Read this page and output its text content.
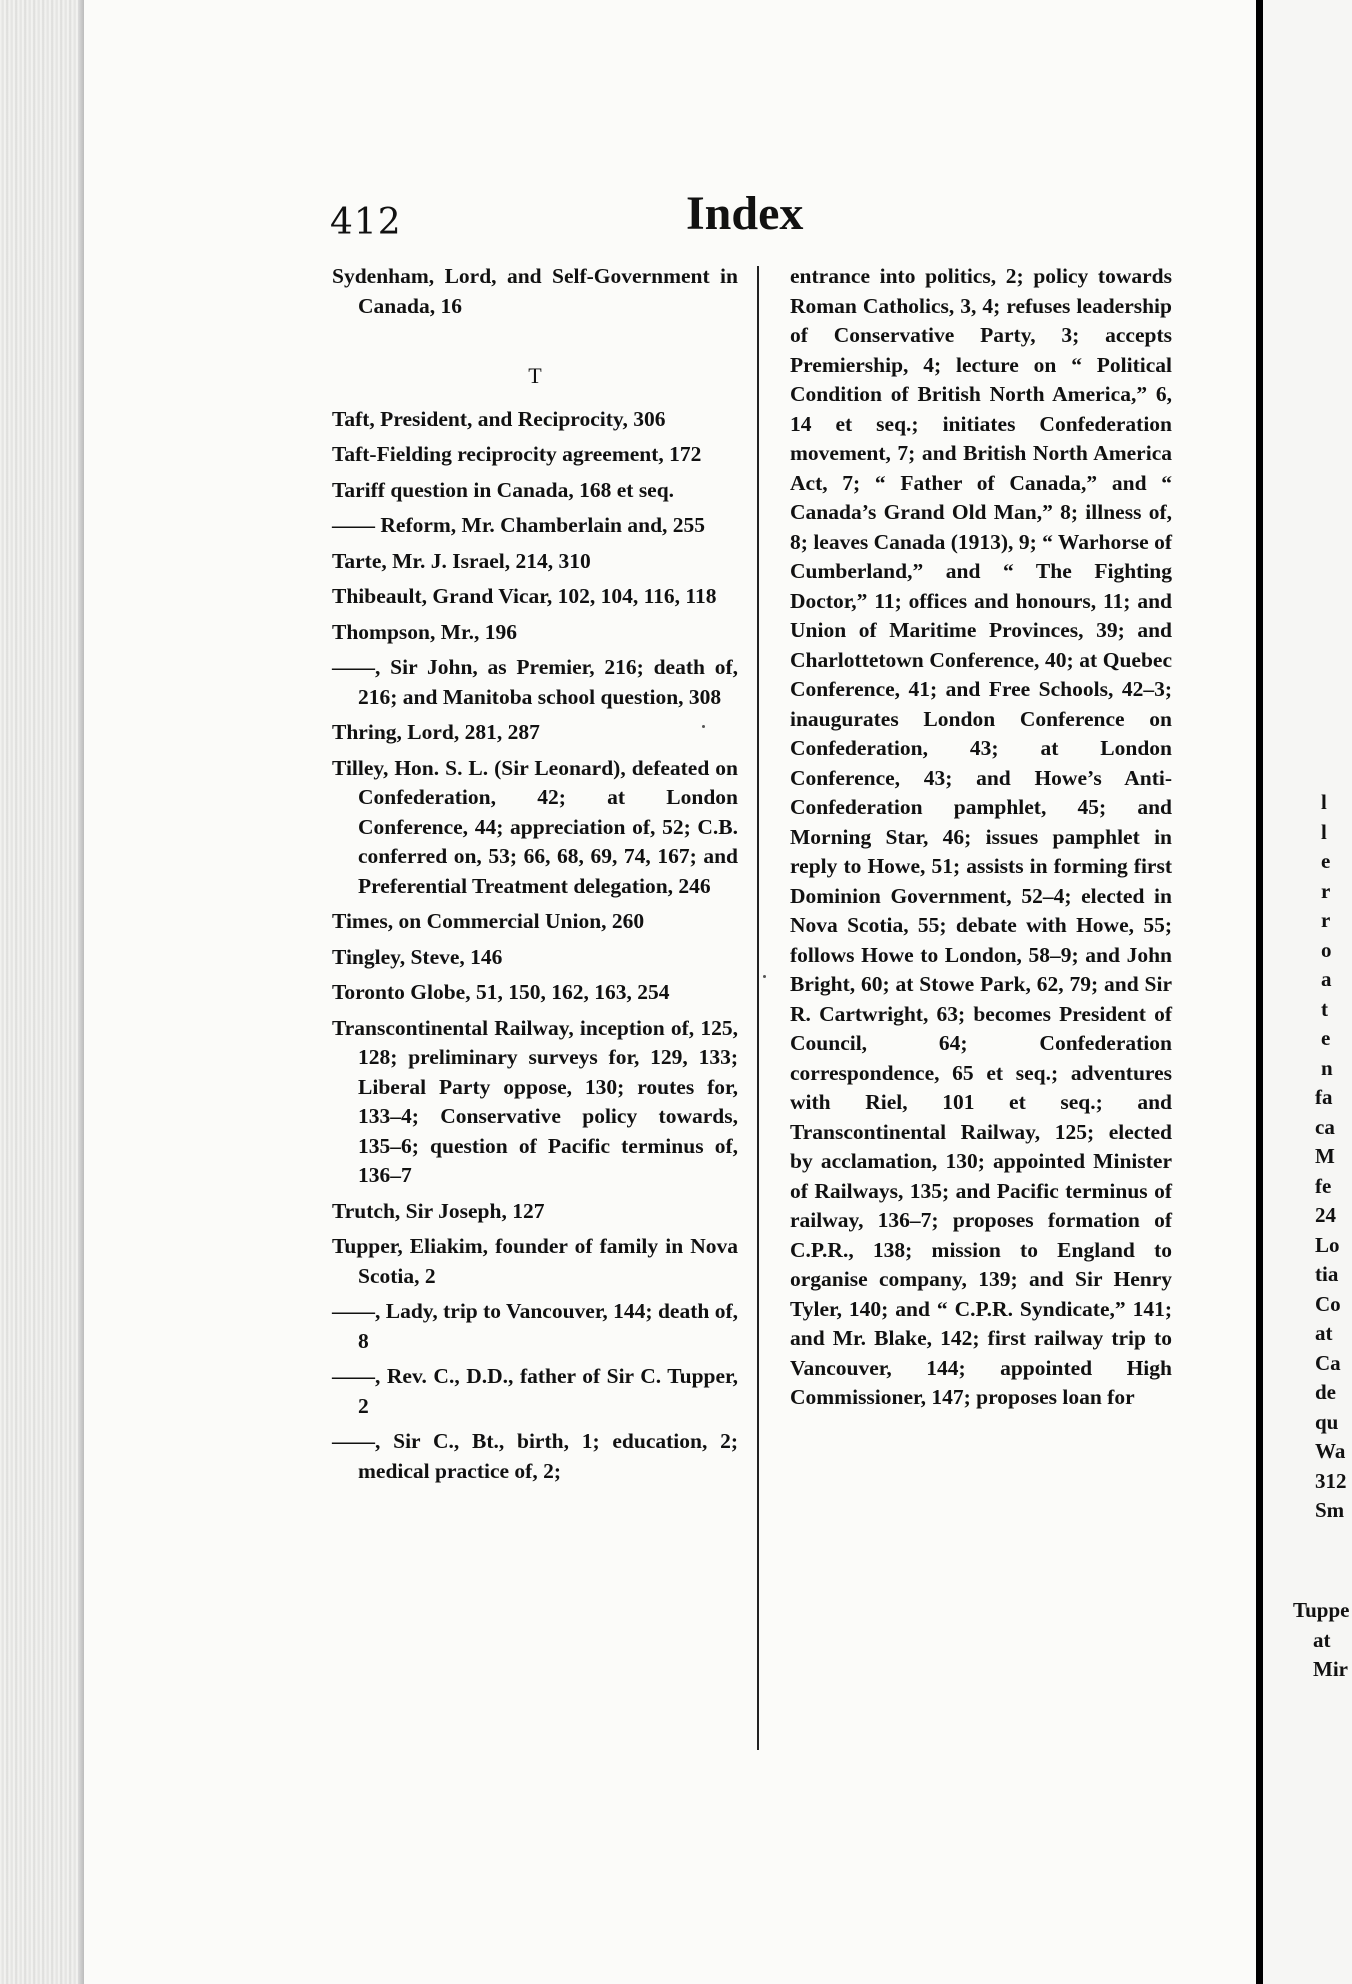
412	Index
Sydenham, Lord, and Self-Government in Canada, 16
T
Taft, President, and Reciprocity, 306
Taft-Fielding reciprocity agreement, 172
Tariff question in Canada, 168 et seq.
—— Reform, Mr. Chamberlain and, 255
Tarte, Mr. J. Israel, 214, 310
Thibeault, Grand Vicar, 102, 104, 116, 118
Thompson, Mr., 196
——, Sir John, as Premier, 216; death of, 216; and Manitoba school question, 308
Thring, Lord, 281, 287
Tilley, Hon. S. L. (Sir Leonard), defeated on Confederation, 42; at London Conference, 44; appreciation of, 52; C.B. conferred on, 53; 66, 68, 69, 74, 167; and Preferential Treatment delegation, 246
Times, on Commercial Union, 260
Tingley, Steve, 146
Toronto Globe, 51, 150, 162, 163, 254
Transcontinental Railway, inception of, 125, 128; preliminary surveys for, 129, 133; Liberal Party oppose, 130; routes for, 133–4; Conservative policy towards, 135–6; question of Pacific terminus of, 136–7
Trutch, Sir Joseph, 127
Tupper, Eliakim, founder of family in Nova Scotia, 2
——, Lady, trip to Vancouver, 144; death of, 8
——, Rev. C., D.D., father of Sir C. Tupper, 2
——, Sir C., Bt., birth, 1; education, 2; medical practice of, 2;

entrance into politics, 2; policy towards Roman Catholics, 3, 4; refuses leadership of Conservative Party, 3; accepts Premiership, 4; lecture on “ Political Condition of British North America,” 6, 14 et seq.; initiates Confederation movement, 7; and British North America Act, 7; “ Father of Canada,” and “ Canada’s Grand Old Man,” 8; illness of, 8; leaves Canada (1913), 9; “ Warhorse of Cumberland,” and “ The Fighting Doctor,” 11; offices and honours, 11; and Union of Maritime Provinces, 39; and Charlottetown Conference, 40; at Quebec Conference, 41; and Free Schools, 42–3; inaugurates London Conference on Confederation, 43; at London Conference, 43; and Howe’s Anti-Confederation pamphlet, 45; and Morning Star, 46; issues pamphlet in reply to Howe, 51; assists in forming first Dominion Government, 52–4; elected in Nova Scotia, 55; debate with Howe, 55; follows Howe to London, 58–9; and John Bright, 60; at Stowe Park, 62, 79; and Sir R. Cartwright, 63; becomes President of Council, 64; Confederation correspondence, 65 et seq.; adventures with Riel, 101 et seq.; and Transcontinental Railway, 125; elected by acclamation, 130; appointed Minister of Railways, 135; and Pacific terminus of railway, 136–7; proposes formation of C.P.R., 138; mission to England to organise company, 139; and Sir Henry Tyler, 140; and “ C.P.R. Syndicate,” 141; and Mr. Blake, 142; first railway trip to Vancouver, 144; appointed High Commissioner, 147; proposes loan for

l
l
e
r
r
o
a
t
e
n
fa
ca
M
fe
24
Lo
tia
Co
at
Ca
de
qu
Wa
312
Sm
Tuppe
at
Mir
